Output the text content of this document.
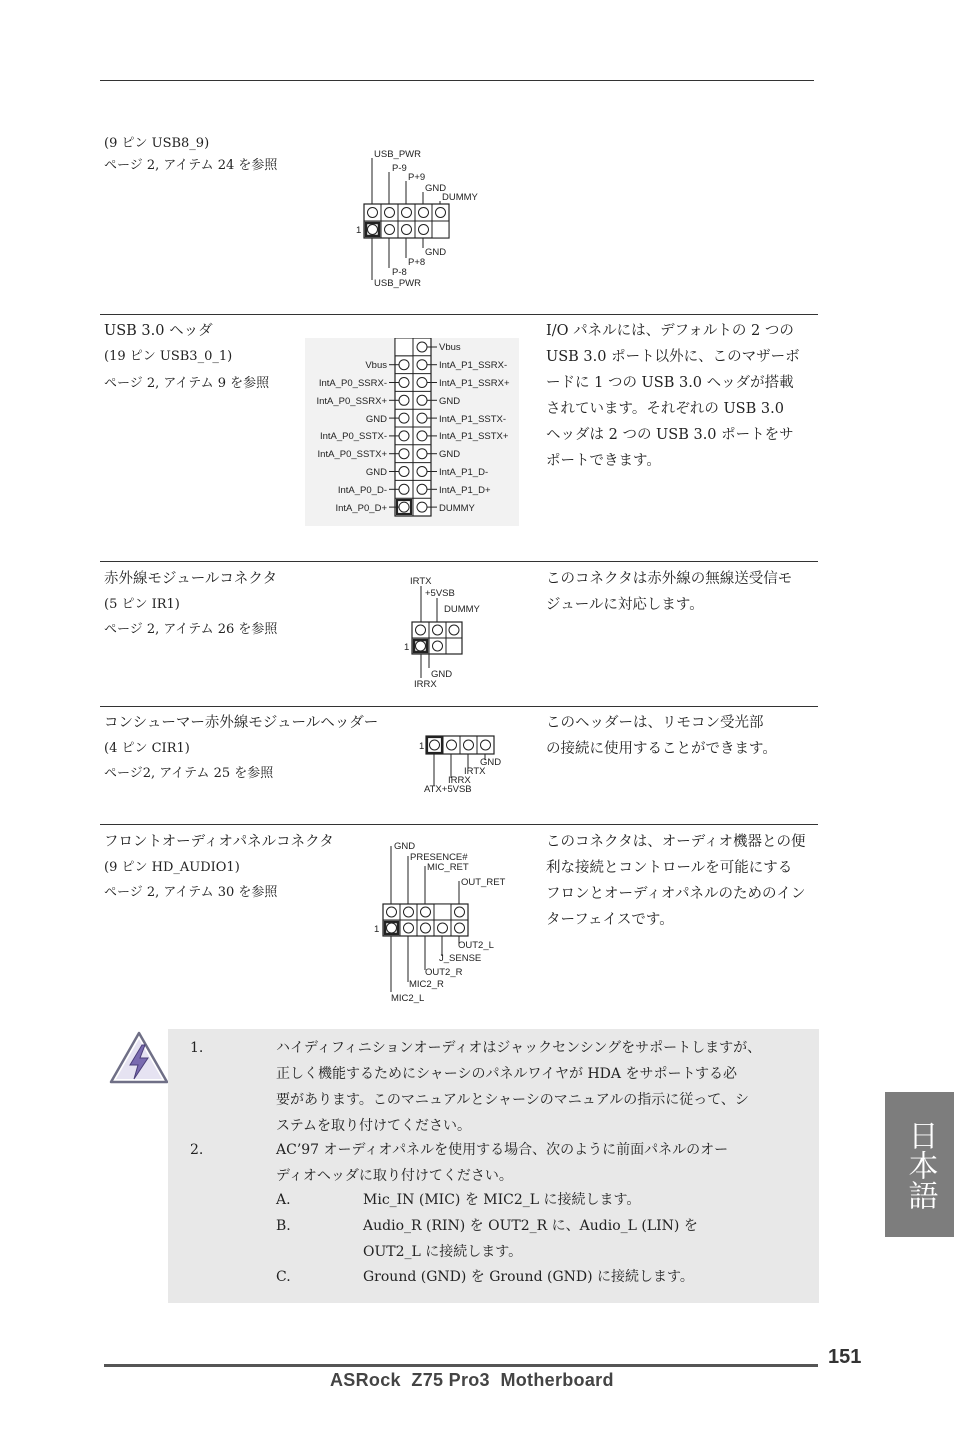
(9 ピン USB8_9)
ページ 2, アイテム 24 を参照
USB_PWR
P-9
P+9
GND
DUMMY
1
GND
P+8
P-8
USB_PWR
USB 3.0 ヘッダ
(19 ピン USB3_0_1)
ページ 2, アイテム 9 を参照
Vbus
IntA_P0_SSRX-
IntA_P0_SSRX+
GND
IntA_P0_SSTX-
IntA_P0_SSTX+
GND
IntA_P0_D-
IntA_P0_D+
Vbus
IntA_P1_SSRX-
IntA_P1_SSRX+
GND
IntA_P1_SSTX-
IntA_P1_SSTX+
GND
IntA_P1_D-
IntA_P1_D+
DUMMY
I/O パネルには、デフォルトの 2 つの
USB 3.0 ポート以外に、このマザーボ
ードに 1 つの USB 3.0 ヘッダが搭載
されています。それぞれの USB 3.0
ヘッダは 2 つの USB 3.0 ポートをサ
ポートできます。
赤外線モジュールコネクタ
(5 ピン IR1)
ページ 2, アイテム 26 を参照
IRTX
+5VSB
DUMMY
1
GND
IRRX
このコネクタは赤外線の無線送受信モ
ジュールに対応します。
コンシューマー赤外線モジュールヘッダー
(4 ピン CIR1)
ページ2, アイテム 25 を参照
1
GND
IRTX
IRRX
ATX+5VSB
このヘッダーは、リモコン受光部
の接続に使用することができます。
フロントオーディオパネルコネクタ
(9 ピン HD_AUDIO1)
ページ 2, アイテム 30 を参照
GND
PRESENCE#
MIC_RET
OUT_RET
1
OUT2_L
J_SENSE
OUT2_R
MIC2_R
MIC2_L
このコネクタは、オーディオ機器との便
利な接続とコントロールを可能にする
フロンとオーディオパネルのためのイン
ターフェイスです。
1.	ハイディフィニションオーディオはジャックセンシングをサポートしますが、
正しく機能するためにシャーシのパネルワイヤが HDA をサポートする必
要があります。このマニュアルとシャーシのマニュアルの指示に従って、シ
ステムを取り付けてください。
2.	AC’97 オーディオパネルを使用する場合、次のように前面パネルのオー
ディオヘッダに取り付けてください。
A.	Mic_IN (MIC) を MIC2_L に接続します。
B.	Audio_R (RIN) を OUT2_R に、Audio_L (LIN) を
OUT2_L に接続します。
C.	Ground (GND) を Ground (GND) に接続します。
日本語
151
ASRock  Z75 Pro3  Motherboard
